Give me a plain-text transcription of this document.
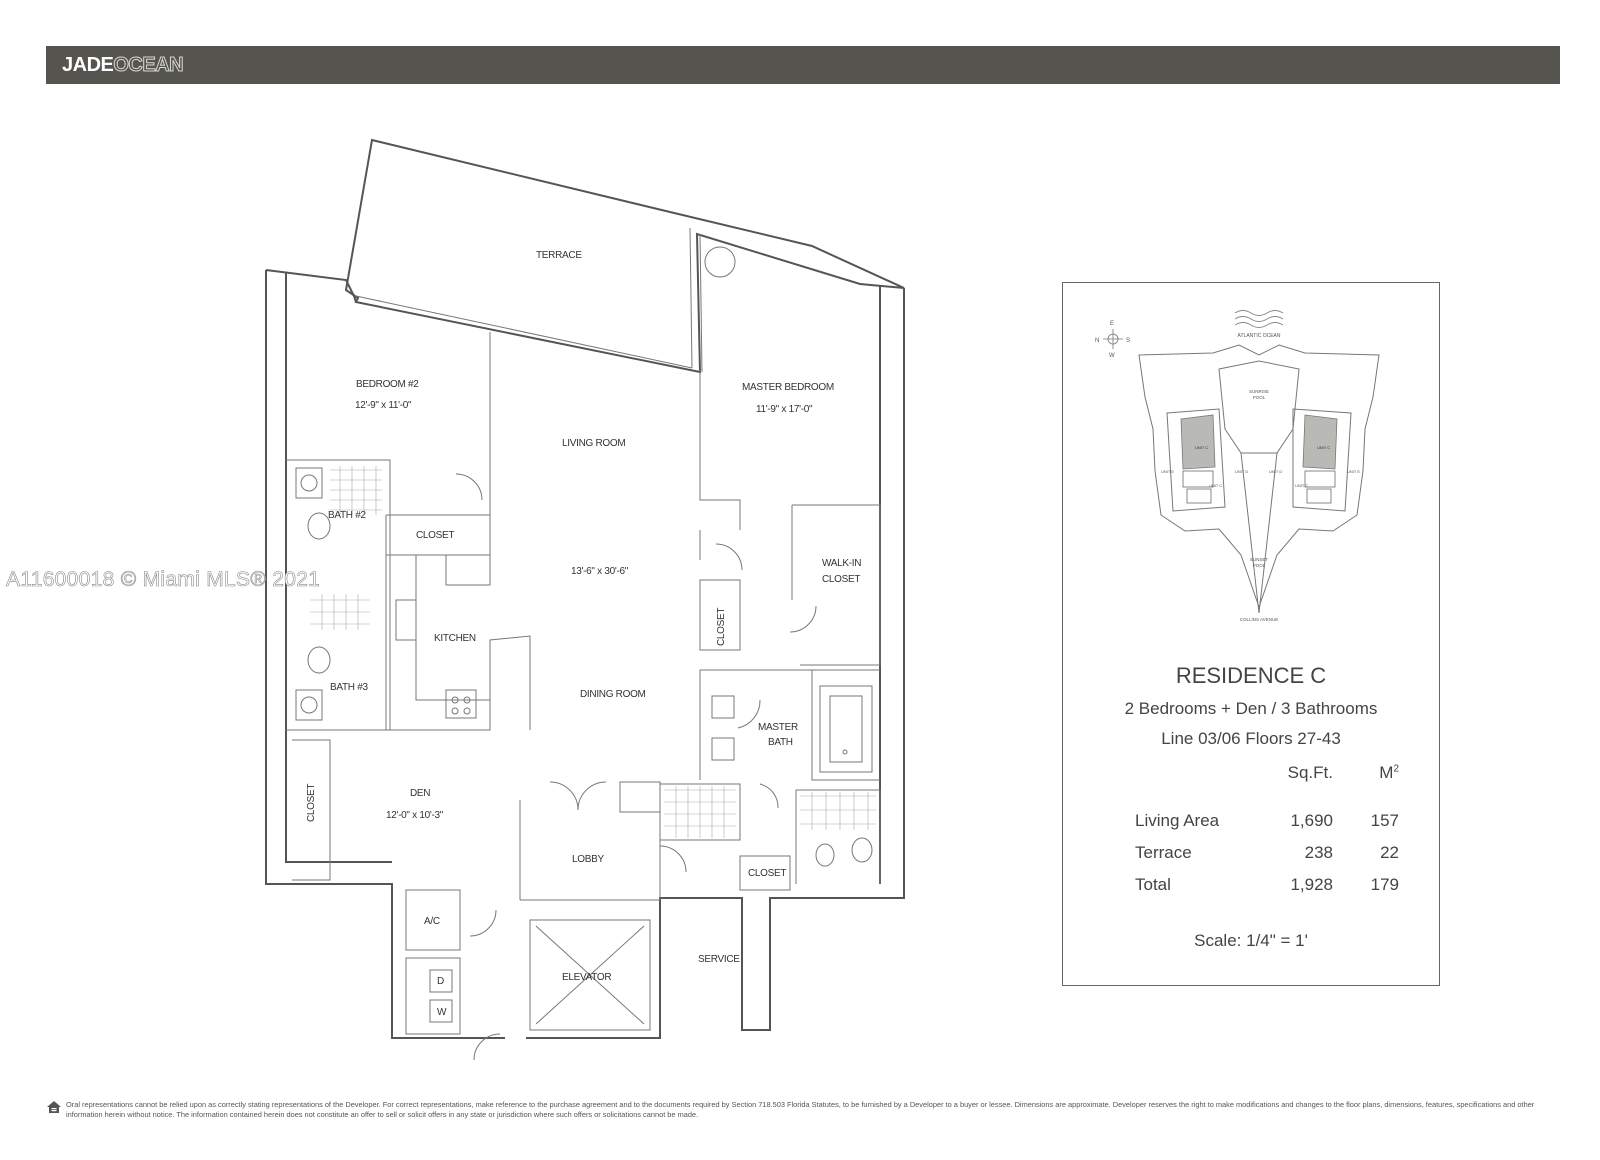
JADEOCEAN
TERRACE
BEDROOM #2
12'-9" x 11'-0"
MASTER BEDROOM
11'-9" x 17'-0"
LIVING ROOM
13'-6" x 30'-6"
BATH #2
CLOSET
WALK-IN
CLOSET
KITCHEN	CLOSET
DINING ROOM
BATH #3
MASTER
BATH
DEN
12'-0" x 10'-3"
CLOSET
LOBBY
CLOSET
A/C
SERVICE
ELEVATOR
D
W
A11600018 © Miami MLS® 2021
E
N	S
W
ATLANTIC OCEAN
SUNRISE
POOL
SUNSET
POOL
COLLINS AVENUE
UNIT E
UNIT C
UNIT D	UNIT D
UNIT C
UNIT E
UNIT C	UNIT C
RESIDENCE C
2 Bedrooms + Den / 3 Bathrooms
Line 03/06 Floors 27-43
	Sq.Ft.	$M^2$
Living Area	1,690	157
Terrace	238	22
Total	1,928	179
Scale: 1/4" = 1'
Oral representations cannot be relied upon as correctly stating representations of the Developer. For correct representations, make reference to the purchase agreement and to the documents required by Section 718.503 Florida Statutes, to be furnished by a Developer to a buyer or lessee. Dimensions are approximate. Developer reserves the right to make modifications and changes to the floor plans, dimensions, features, specifications and other information herein without notice. The information contained herein does not constitute an offer to sell or solicit offers in any state or jurisdiction where such offers or solicitations cannot be made.
